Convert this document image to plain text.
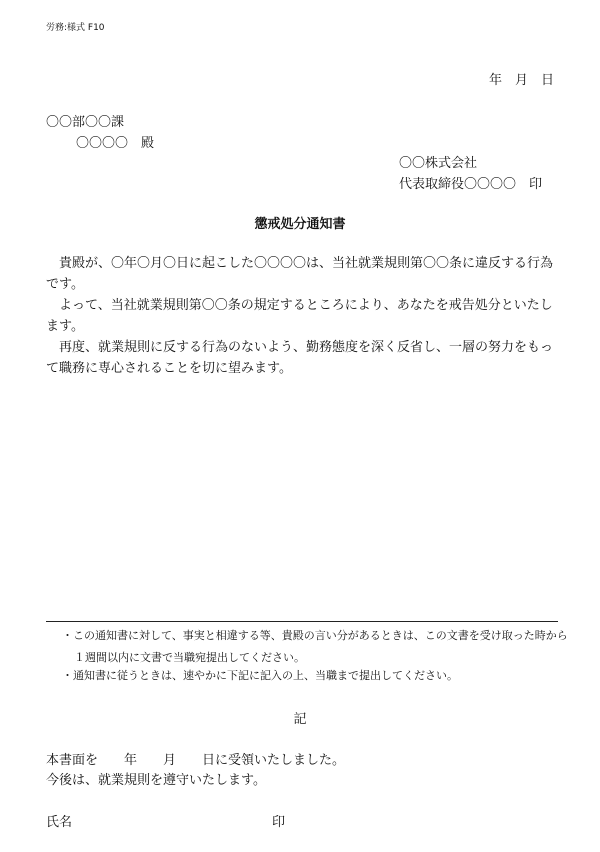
労務:様式 F10
年　月　日
〇〇部〇〇課
〇〇〇〇　殿
〇〇株式会社
代表取締役〇〇〇〇　印
懲戒処分通知書
貴殿が、〇年〇月〇日に起こした〇〇〇〇は、当社就業規則第〇〇条に違反する行為です。
よって、当社就業規則第〇〇条の規定するところにより、あなたを戒告処分といたします。
再度、就業規則に反する行為のないよう、勤務態度を深く反省し、一層の努力をもって職務に専心されることを切に望みます。
・この通知書に対して、事実と相違する等、貴殿の言い分があるときは、この文書を受け取った時から１週間以内に文書で当職宛提出してください。
・通知書に従うときは、速やかに下記に記入の上、当職まで提出してください。
記
本書面を　　年　　月　　日に受領いたしました。
今後は、就業規則を遵守いたします。
氏名	印
